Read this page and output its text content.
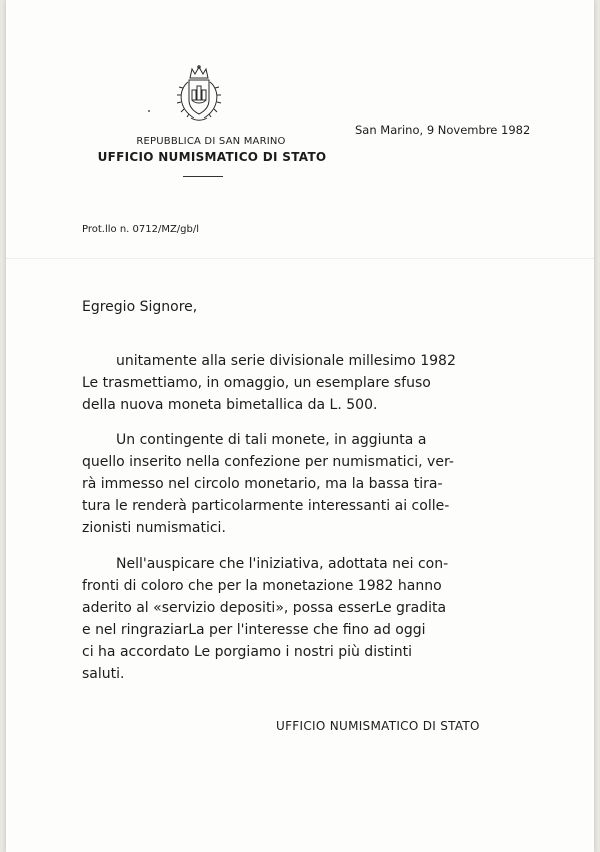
REPUBBLICA DI SAN MARINO
UFFICIO NUMISMATICO DI STATO
San Marino, 9 Novembre 1982
Prot.llo n. 0712/MZ/gb/l
Egregio Signore,

unitamente alla serie divisionale millesimo 1982
Le trasmettiamo, in omaggio, un esemplare sfuso
della nuova moneta bimetallica da L. 500.

Un contingente di tali monete, in aggiunta a
quello inserito nella confezione per numismatici, ver-
rà immesso nel circolo monetario, ma la bassa tira-
tura le renderà particolarmente interessanti ai colle-
zionisti numismatici.

Nell'auspicare che l'iniziativa, adottata nei con-
fronti di coloro che per la monetazione 1982 hanno
aderito al «servizio depositi», possa esserLe gradita
e nel ringraziarLa per l'interesse che fino ad oggi
ci ha accordato Le porgiamo i nostri più distinti
saluti.

UFFICIO NUMISMATICO DI STATO
